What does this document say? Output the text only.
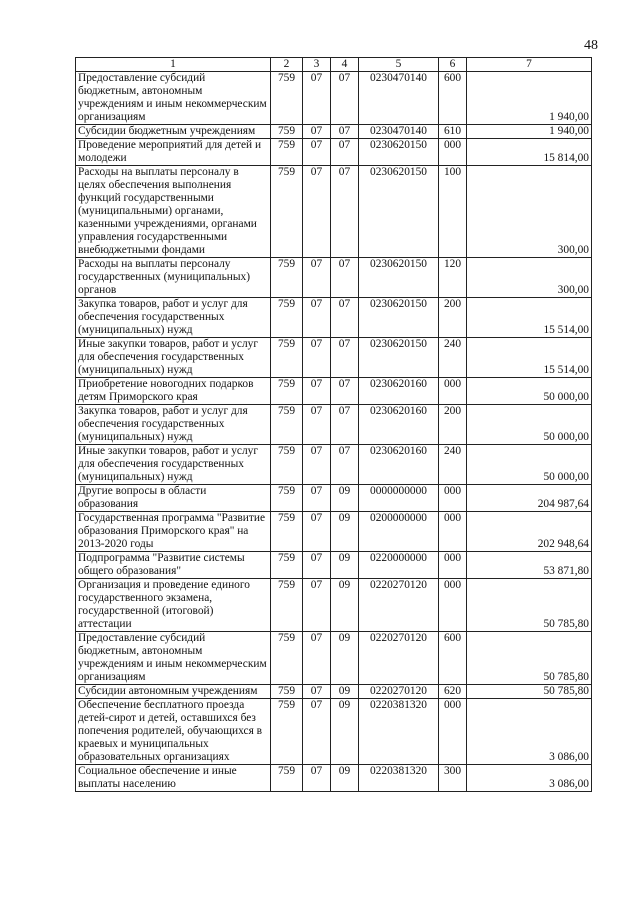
48
1	2	3	4	5	6	7
Предоставление субсидий бюджетным, автономным учреждениям и иным некоммерческим организациям	759	07	07	0230470140	600	1 940,00
Субсидии бюджетным учреждениям	759	07	07	0230470140	610	1 940,00
Проведение мероприятий для детей и молодежи	759	07	07	0230620150	000	15 814,00
Расходы на выплаты персоналу в целях обеспечения выполнения функций государственными (муниципальными) органами, казенными учреждениями, органами управления государственными внебюджетными фондами	759	07	07	0230620150	100	300,00
Расходы на выплаты персоналу государственных (муниципальных) органов	759	07	07	0230620150	120	300,00
Закупка товаров, работ и услуг для обеспечения государственных (муниципальных) нужд	759	07	07	0230620150	200	15 514,00
Иные закупки товаров, работ и услуг для обеспечения государственных (муниципальных) нужд	759	07	07	0230620150	240	15 514,00
Приобретение новогодних подарков детям Приморского края	759	07	07	0230620160	000	50 000,00
Закупка товаров, работ и услуг для обеспечения государственных (муниципальных) нужд	759	07	07	0230620160	200	50 000,00
Иные закупки товаров, работ и услуг для обеспечения государственных (муниципальных) нужд	759	07	07	0230620160	240	50 000,00
Другие вопросы в области образования	759	07	09	0000000000	000	204 987,64
Государственная программа "Развитие образования Приморского края" на 2013-2020 годы	759	07	09	0200000000	000	202 948,64
Подпрограмма "Развитие системы общего образования"	759	07	09	0220000000	000	53 871,80
Организация и проведение единого государственного экзамена, государственной (итоговой) аттестации	759	07	09	0220270120	000	50 785,80
Предоставление субсидий бюджетным, автономным учреждениям и иным некоммерческим организациям	759	07	09	0220270120	600	50 785,80
Субсидии автономным учреждениям	759	07	09	0220270120	620	50 785,80
Обеспечение бесплатного проезда детей-сирот и детей, оставшихся без попечения родителей, обучающихся в краевых и муниципальных образовательных организациях	759	07	09	0220381320	000	3 086,00
Социальное обеспечение и иные выплаты населению	759	07	09	0220381320	300	3 086,00
